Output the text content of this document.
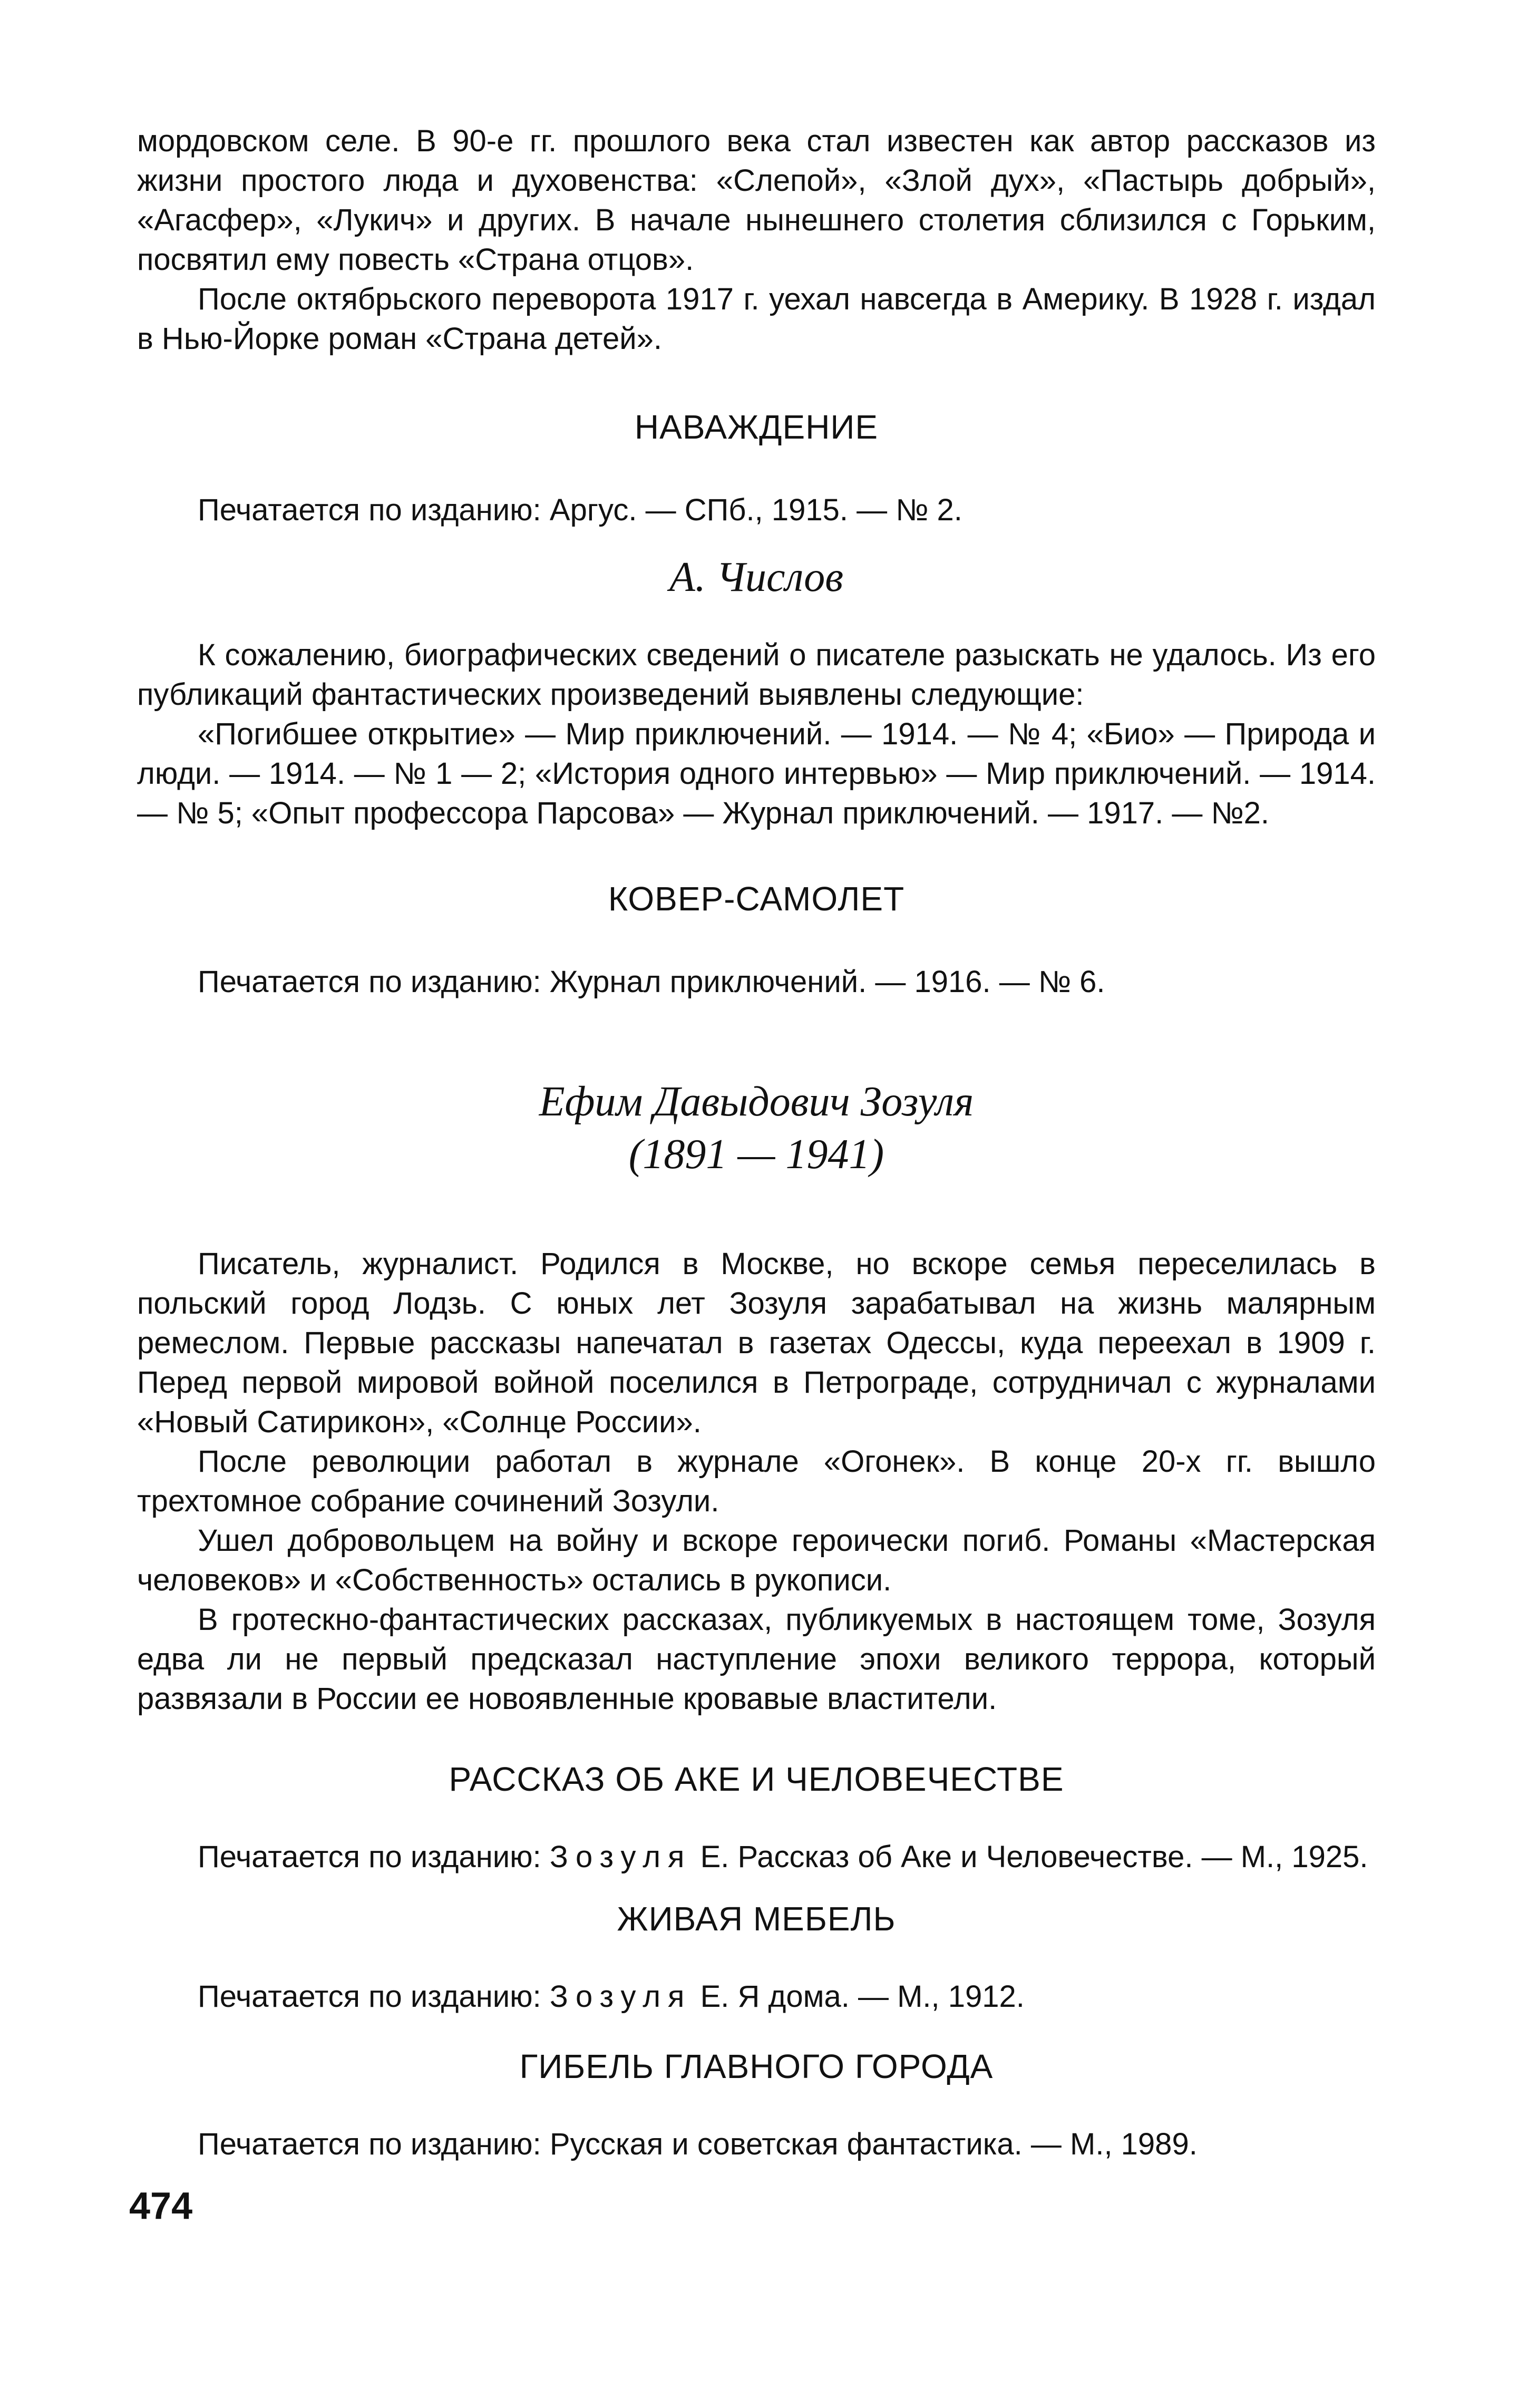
мордовском селе. В 90-е гг. прошлого века стал известен как автор рассказов из жизни простого люда и духовенства: «Слепой», «Злой дух», «Пастырь добрый», «Агасфер», «Лукич» и других. В начале нынешнего столетия сблизился с Горьким, посвятил ему повесть «Страна отцов».

После октябрьского переворота 1917 г. уехал навсегда в Америку. В 1928 г. издал в Нью-Йорке роман «Страна детей».

НАВАЖДЕНИЕ

Печатается по изданию: Аргус. — СПб., 1915. — № 2.

А. Числов

К сожалению, биографических сведений о писателе разыскать не удалось. Из его публикаций фантастических произведений выявлены следующие:

«Погибшее открытие» — Мир приключений. — 1914. — № 4; «Био» — Природа и люди. — 1914. — № 1 — 2; «История одного интервью» — Мир приключений. — 1914. — № 5; «Опыт профессора Парсова» — Журнал приключений. — 1917. — №2.

КОВЕР-САМОЛЕТ

Печатается по изданию: Журнал приключений. — 1916. — № 6.

Ефим Давыдович Зозуля

(1891 — 1941)

Писатель, журналист. Родился в Москве, но вскоре семья переселилась в польский город Лодзь. С юных лет Зозуля зарабатывал на жизнь малярным ремеслом. Первые рассказы напечатал в газетах Одессы, куда переехал в 1909 г. Перед первой мировой войной поселился в Петрограде, сотрудничал с журналами «Новый Сатирикон», «Солнце России».

После революции работал в журнале «Огонек». В конце 20-х гг. вышло трехтомное собрание сочинений Зозули.

Ушел добровольцем на войну и вскоре героически погиб. Романы «Мастерская человеков» и «Собственность» остались в рукописи.

В гротескно-фантастических рассказах, публикуемых в настоящем томе, Зозуля едва ли не первый предсказал наступление эпохи великого террора, который развязали в России ее новоявленные кровавые властители.

РАССКАЗ ОБ АКЕ И ЧЕЛОВЕЧЕСТВЕ

Печатается по изданию: Зозуля Е. Рассказ об Аке и Человечестве. — М., 1925.

ЖИВАЯ МЕБЕЛЬ

Печатается по изданию: Зозуля Е. Я дома. — М., 1912.

ГИБЕЛЬ ГЛАВНОГО ГОРОДА

Печатается по изданию: Русская и советская фантастика. — М., 1989.

474
